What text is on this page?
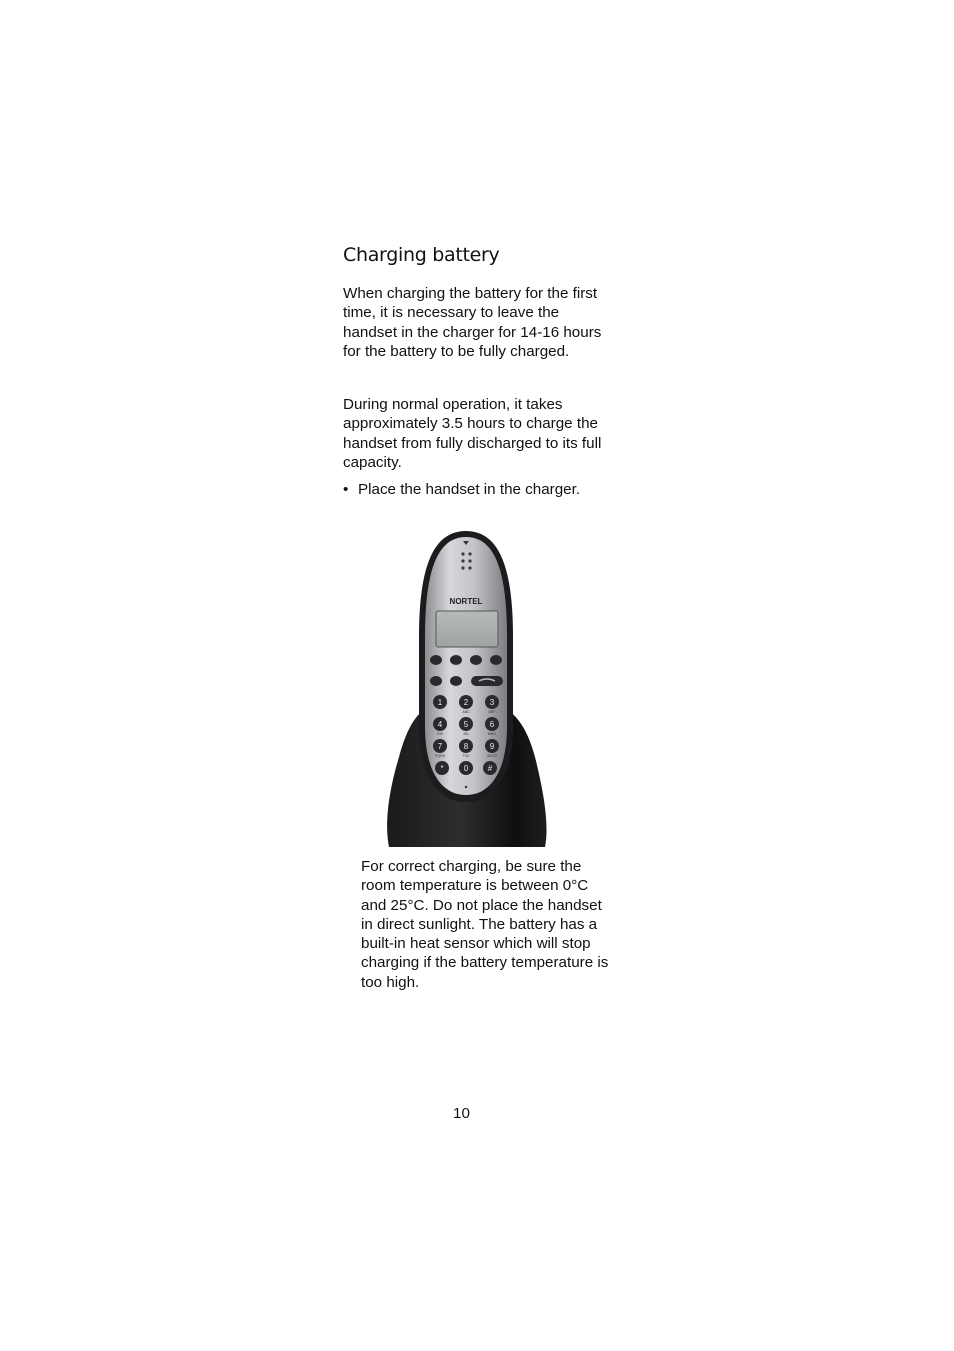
Charging battery

When charging the battery for the first time, it is necessary to leave the handset in the charger for 14-16 hours for the battery to be fully charged.

During normal operation, it takes approximately 3.5 hours to charge the handset from fully discharged to its full capacity.

• Place the handset in the charger.
NORTEL
1	2	3
4	5	6
7	8	9
*	0 #
ABC	DEF
GHI	JKL	MNO
PQRS	TUV	WXYZ

For correct charging, be sure the room temperature is between 0°C and 25°C. Do not place the handset in direct sunlight. The battery has a built-in heat sensor which will stop charging if the battery temperature is too high.

10
